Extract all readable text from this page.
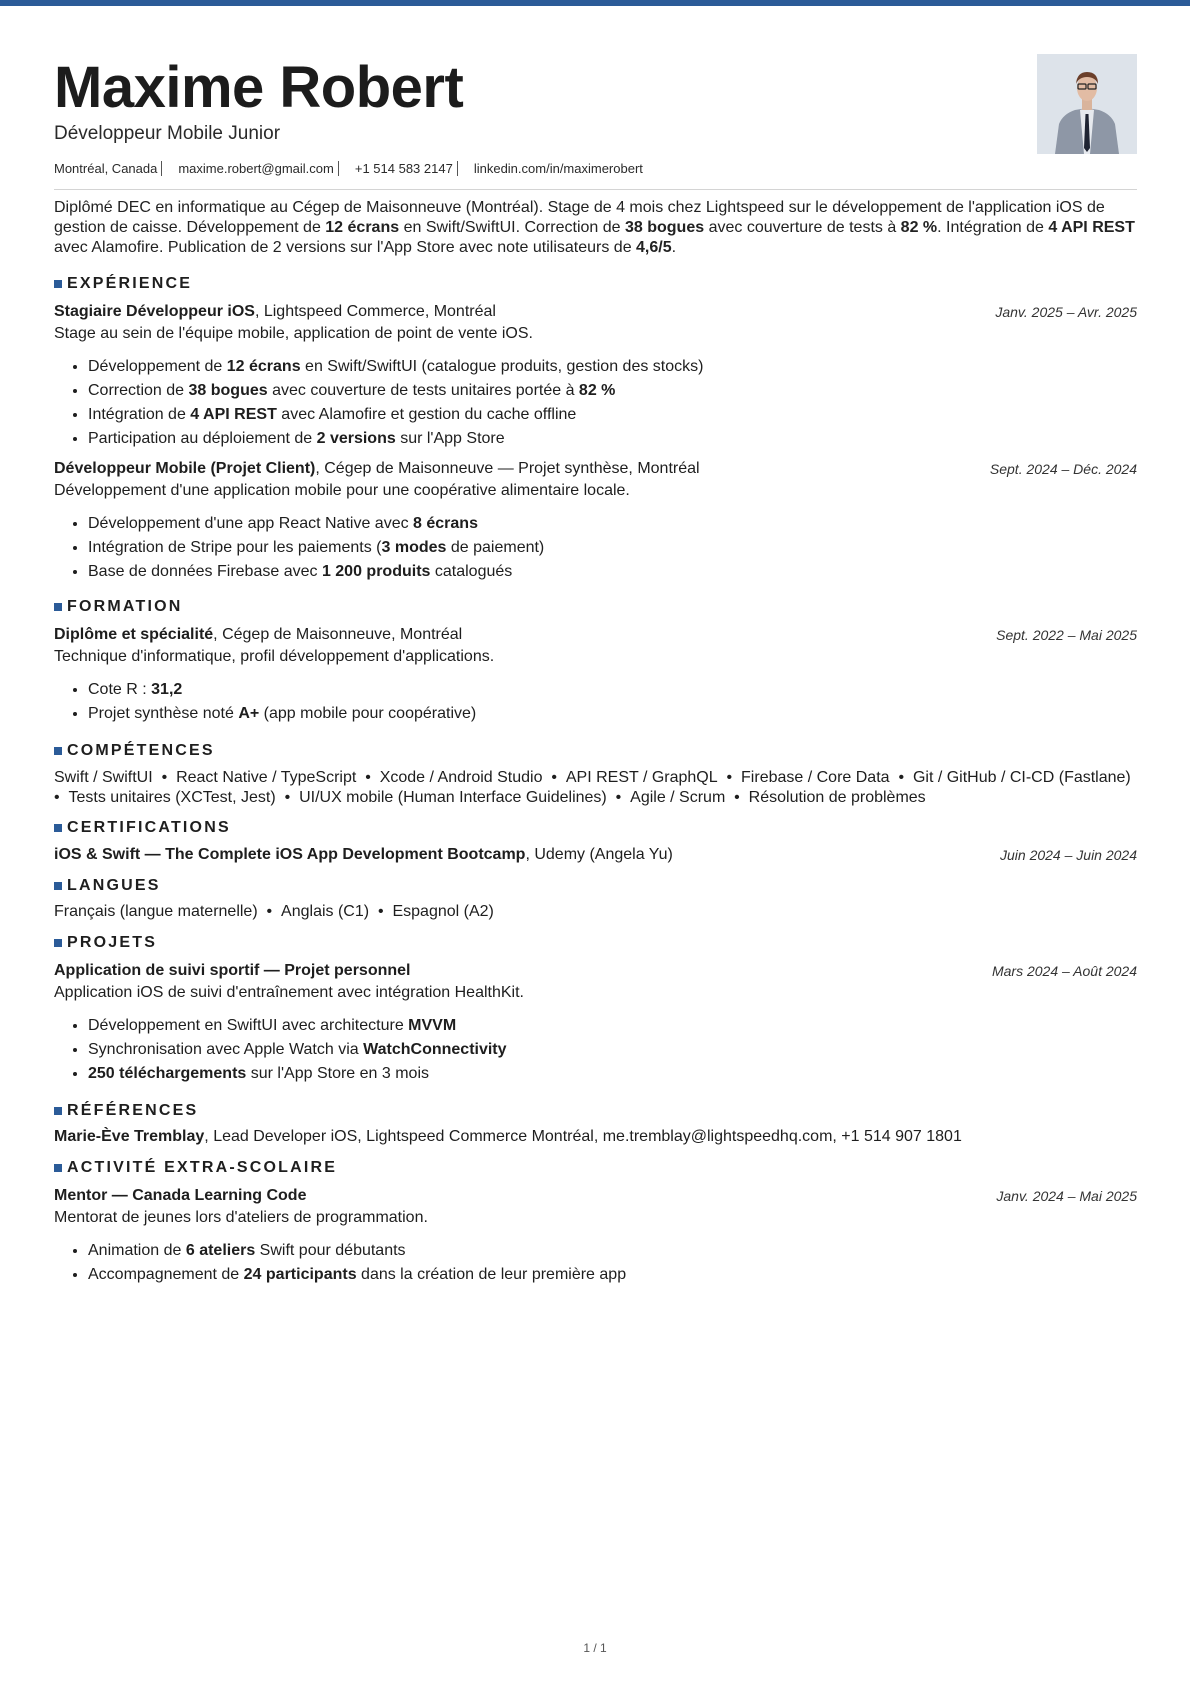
Maxime Robert
Développeur Mobile Junior
Montréal, Canada maxime.robert@gmail.com +1 514 583 2147 linkedin.com/in/maximerobert
Diplômé DEC en informatique au Cégep de Maisonneuve (Montréal). Stage de 4 mois chez Lightspeed sur le développement de l'application iOS de gestion de caisse. Développement de 12 écrans en Swift/SwiftUI. Correction de 38 bogues avec couverture de tests à 82 %. Intégration de 4 API REST avec Alamofire. Publication de 2 versions sur l'App Store avec note utilisateurs de 4,6/5.
EXPÉRIENCE
Stagiaire Développeur iOS, Lightspeed Commerce, Montréal	Janv. 2025 – Avr. 2025
Stage au sein de l'équipe mobile, application de point de vente iOS.
• Développement de 12 écrans en Swift/SwiftUI (catalogue produits, gestion des stocks)
• Correction de 38 bogues avec couverture de tests unitaires portée à 82 %
• Intégration de 4 API REST avec Alamofire et gestion du cache offline
• Participation au déploiement de 2 versions sur l'App Store
Développeur Mobile (Projet Client), Cégep de Maisonneuve — Projet synthèse, Montréal	Sept. 2024 – Déc. 2024
Développement d'une application mobile pour une coopérative alimentaire locale.
• Développement d'une app React Native avec 8 écrans
• Intégration de Stripe pour les paiements (3 modes de paiement)
• Base de données Firebase avec 1 200 produits catalogués
FORMATION
Diplôme et spécialité, Cégep de Maisonneuve, Montréal	Sept. 2022 – Mai 2025
Technique d'informatique, profil développement d'applications.
• Cote R : 31,2
• Projet synthèse noté A+ (app mobile pour coopérative)
COMPÉTENCES
Swift / SwiftUI  •  React Native / TypeScript  •  Xcode / Android Studio  •  API REST / GraphQL  •  Firebase / Core Data  •  Git / GitHub / CI-CD (Fastlane)  •  Tests unitaires (XCTest, Jest)  •  UI/UX mobile (Human Interface Guidelines)  •  Agile / Scrum  •  Résolution de problèmes
CERTIFICATIONS
iOS & Swift — The Complete iOS App Development Bootcamp, Udemy (Angela Yu)	Juin 2024 – Juin 2024
LANGUES
Français (langue maternelle)  •  Anglais (C1)  •  Espagnol (A2)
PROJETS
Application de suivi sportif — Projet personnel	Mars 2024 – Août 2024
Application iOS de suivi d'entraînement avec intégration HealthKit.
• Développement en SwiftUI avec architecture MVVM
• Synchronisation avec Apple Watch via WatchConnectivity
• 250 téléchargements sur l'App Store en 3 mois
RÉFÉRENCES
Marie-Ève Tremblay, Lead Developer iOS, Lightspeed Commerce Montréal, me.tremblay@lightspeedhq.com, +1 514 907 1801
ACTIVITÉ EXTRA-SCOLAIRE
Mentor — Canada Learning Code	Janv. 2024 – Mai 2025
Mentorat de jeunes lors d'ateliers de programmation.
• Animation de 6 ateliers Swift pour débutants
• Accompagnement de 24 participants dans la création de leur première app
1 / 1
